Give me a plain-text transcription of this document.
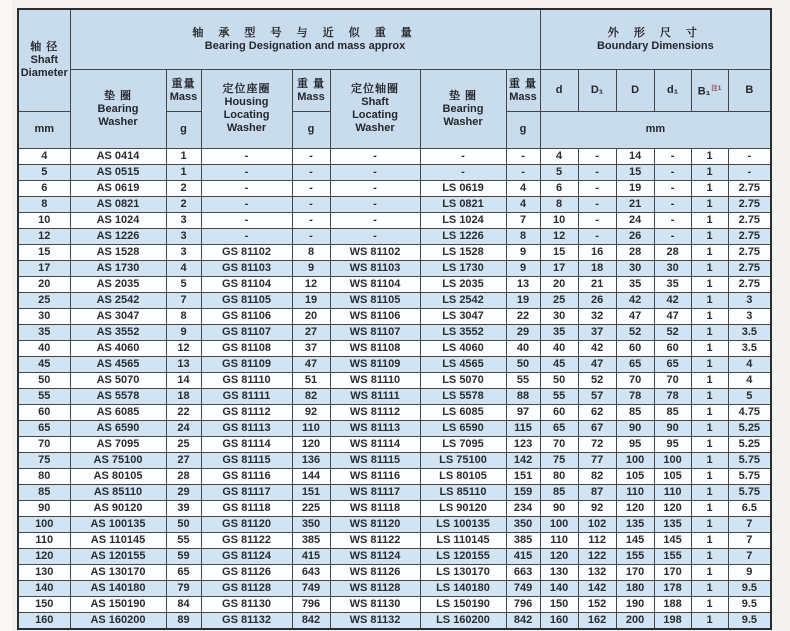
轴 径
Shaft
Diameter	轴 承 型 号 与 近 似 重 量
Bearing Designation and mass approx							外 形 尺 寸
Boundary Dimensions					

	垫 圈
Bearing
Washer	重量
Mass	定位座圈
Housing
Locating
Washer	重 量
Mass	定位轴圈
Shaft
Locating
Washer	垫 圈
Bearing
Washer	重 量
Mass	d	D₁	D	d₁	B₁$^{注1}$	B

mm		g		g			g	mm					
4	AS 0414	1	-	-	-	-	-	4	-	14	-	1	-
5	AS 0515	1	-	-	-	-	-	5	-	15	-	1	-
6	AS 0619	2	-	-	-	LS 0619	4	6	-	19	-	1	2.75
8	AS 0821	2	-	-	-	LS 0821	4	8	-	21	-	1	2.75
10	AS 1024	3	-	-	-	LS 1024	7	10	-	24	-	1	2.75
12	AS 1226	3	-	-	-	LS 1226	8	12	-	26	-	1	2.75
15	AS 1528	3	GS 81102	8	WS 81102	LS 1528	9	15	16	28	28	1	2.75
17	AS 1730	4	GS 81103	9	WS 81103	LS 1730	9	17	18	30	30	1	2.75
20	AS 2035	5	GS 81104	12	WS 81104	LS 2035	13	20	21	35	35	1	2.75
25	AS 2542	7	GS 81105	19	WS 81105	LS 2542	19	25	26	42	42	1	3
30	AS 3047	8	GS 81106	20	WS 81106	LS 3047	22	30	32	47	47	1	3
35	AS 3552	9	GS 81107	27	WS 81107	LS 3552	29	35	37	52	52	1	3.5
40	AS 4060	12	GS 81108	37	WS 81108	LS 4060	40	40	42	60	60	1	3.5
45	AS 4565	13	GS 81109	47	WS 81109	LS 4565	50	45	47	65	65	1	4
50	AS 5070	14	GS 81110	51	WS 81110	LS 5070	55	50	52	70	70	1	4
55	AS 5578	18	GS 81111	82	WS 81111	LS 5578	88	55	57	78	78	1	5
60	AS 6085	22	GS 81112	92	WS 81112	LS 6085	97	60	62	85	85	1	4.75
65	AS 6590	24	GS 81113	110	WS 81113	LS 6590	115	65	67	90	90	1	5.25
70	AS 7095	25	GS 81114	120	WS 81114	LS 7095	123	70	72	95	95	1	5.25
75	AS 75100	27	GS 81115	136	WS 81115	LS 75100	142	75	77	100	100	1	5.75
80	AS 80105	28	GS 81116	144	WS 81116	LS 80105	151	80	82	105	105	1	5.75
85	AS 85110	29	GS 81117	151	WS 81117	LS 85110	159	85	87	110	110	1	5.75
90	AS 90120	39	GS 81118	225	WS 81118	LS 90120	234	90	92	120	120	1	6.5
100	AS 100135	50	GS 81120	350	WS 81120	LS 100135	350	100	102	135	135	1	7
110	AS 110145	55	GS 81122	385	WS 81122	LS 110145	385	110	112	145	145	1	7
120	AS 120155	59	GS 81124	415	WS 81124	LS 120155	415	120	122	155	155	1	7
130	AS 130170	65	GS 81126	643	WS 81126	LS 130170	663	130	132	170	170	1	9
140	AS 140180	79	GS 81128	749	WS 81128	LS 140180	749	140	142	180	178	1	9.5
150	AS 150190	84	GS 81130	796	WS 81130	LS 150190	796	150	152	190	188	1	9.5
160	AS 160200	89	GS 81132	842	WS 81132	LS 160200	842	160	162	200	198	1	9.5
